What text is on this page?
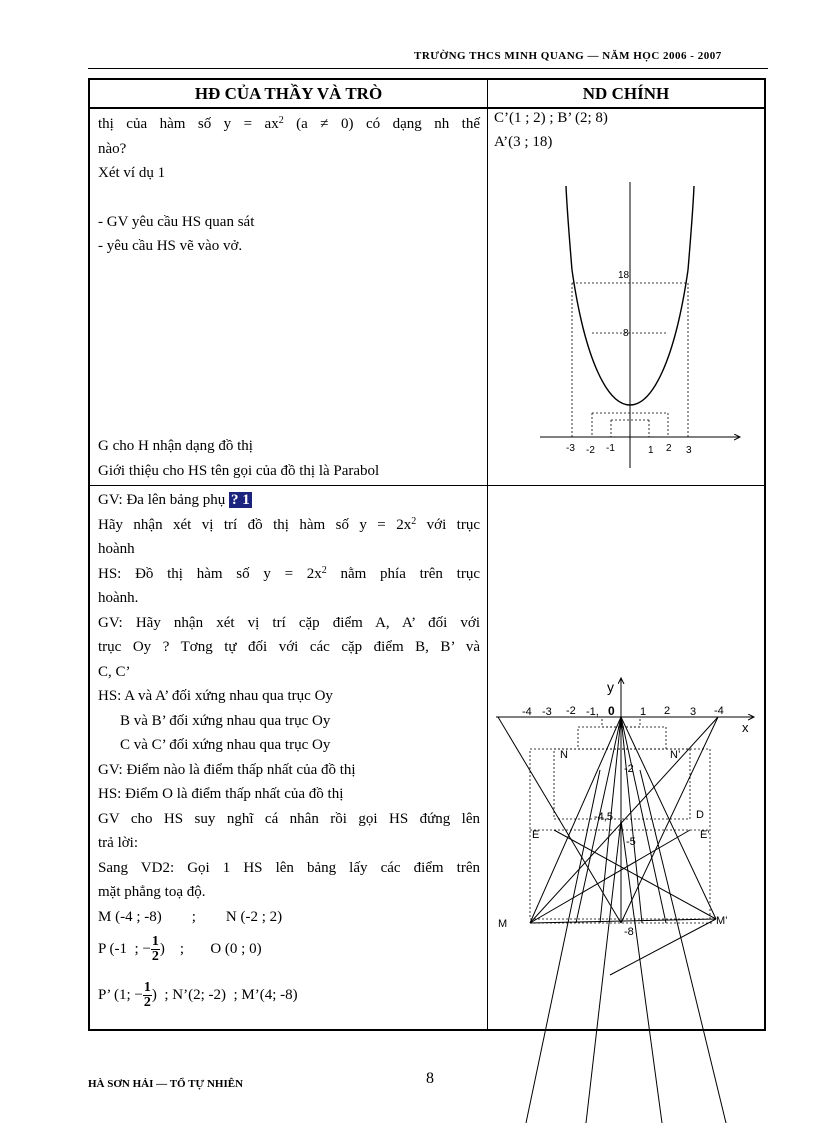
TRƯỜNG THCS MINH QUANG — NĂM HỌC 2006 - 2007
HĐ CỦA THẦY VÀ TRÒ	ND CHÍNH
thị của hàm số $y = ax^2$ (a ≠ 0) có dạng nh thế
nào?
Xét ví dụ 1
- GV yêu cầu HS quan sát
- yêu cầu HS vẽ vào vở.
G cho H nhận dạng đồ thị
Giới thiệu cho HS tên gọi của đồ thị là Parabol
C’(1 ; 2) ; B’ (2; 8)
A’(3 ; 18)
18
8
-3 -2 -1	1 2 3
GV: Đa lên bảng phụ ? 1
Hãy nhận xét vị trí đồ thị hàm số $y = 2x^2$ với trục
hoành
HS: Đồ thị hàm số $y = 2x^2$ nằm phía trên trục
hoành.
GV: Hãy nhận xét vị trí cặp điểm A, A’ đối với
trục Oy ? Tơng tự đối với các cặp điểm B, B’ và
C, C’
HS: A và A’ đối xứng nhau qua trục Oy
B và B’ đối xứng nhau qua trục Oy
C và C’ đối xứng nhau qua trục Oy
GV: Điểm nào là điểm thấp nhất của đồ thị
HS: Điểm O là điểm thấp nhất của đồ thị
GV cho HS suy nghĩ cá nhân rồi gọi HS đứng lên
trả lời:
Sang VD2: Gọi 1 HS lên bảng lấy các điểm trên
mặt phẳng toạ độ.
M (-4 ; -8) ; N (-2 ; 2)
P (-1  ; − $\frac{1}{2}$ )    ; O (0 ; 0)
P’ (1; − $\frac{1}{2}$ )  ; N’(2; -2)  ; M’(4; -8)
y
x
-4 -3 -2 -1, 0 1 2 3 -4
N	N’
-2
D
-4,5
E	E’
-5
M	M’
-8
HÀ SƠN HẢI — TỔ TỰ NHIÊN	8
